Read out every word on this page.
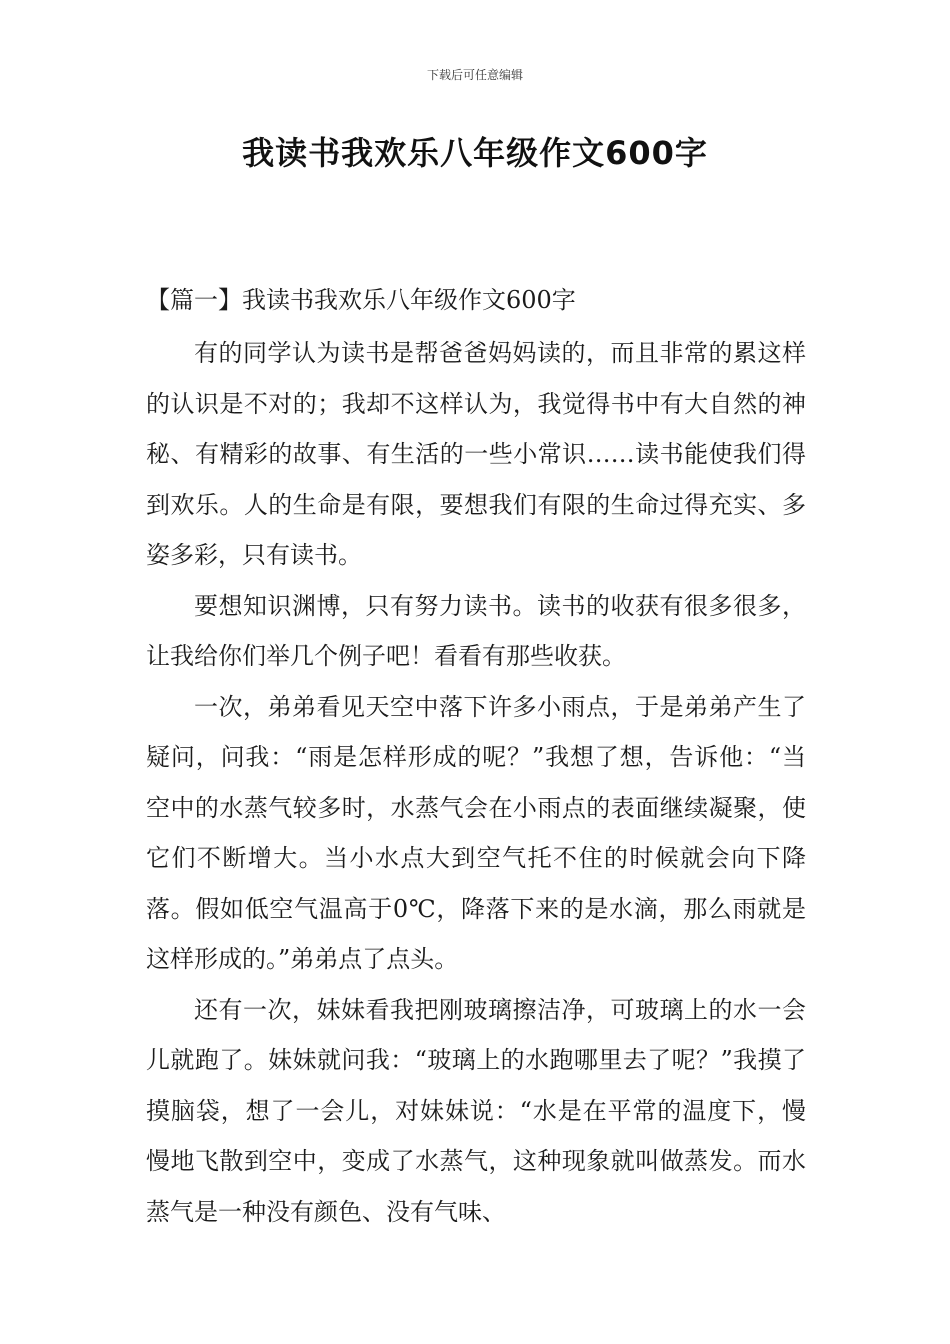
下载后可任意编辑
我读书我欢乐八年级作文600字
【篇一】我读书我欢乐八年级作文600字

有的同学认为读书是帮爸爸妈妈读的，而且非常的累这样的认识是不对的；我却不这样认为，我觉得书中有大自然的神秘、有精彩的故事、有生活的一些小常识……读书能使我们得到欢乐。人的生命是有限，要想我们有限的生命过得充实、多姿多彩，只有读书。

要想知识渊博，只有努力读书。读书的收获有很多很多，让我给你们举几个例子吧！看看有那些收获。

一次，弟弟看见天空中落下许多小雨点，于是弟弟产生了疑问，问我：“雨是怎样形成的呢？”我想了想，告诉他：“当空中的水蒸气较多时，水蒸气会在小雨点的表面继续凝聚，使它们不断增大。当小水点大到空气托不住的时候就会向下降落。假如低空气温高于0℃，降落下来的是水滴，那么雨就是这样形成的。”弟弟点了点头。

还有一次，妹妹看我把刚玻璃擦洁净，可玻璃上的水一会儿就跑了。妹妹就问我：“玻璃上的水跑哪里去了呢？”我摸了摸脑袋，想了一会儿，对妹妹说：“水是在平常的温度下，慢慢地飞散到空中，变成了水蒸气，这种现象就叫做蒸发。而水蒸气是一种没有颜色、没有气味、
